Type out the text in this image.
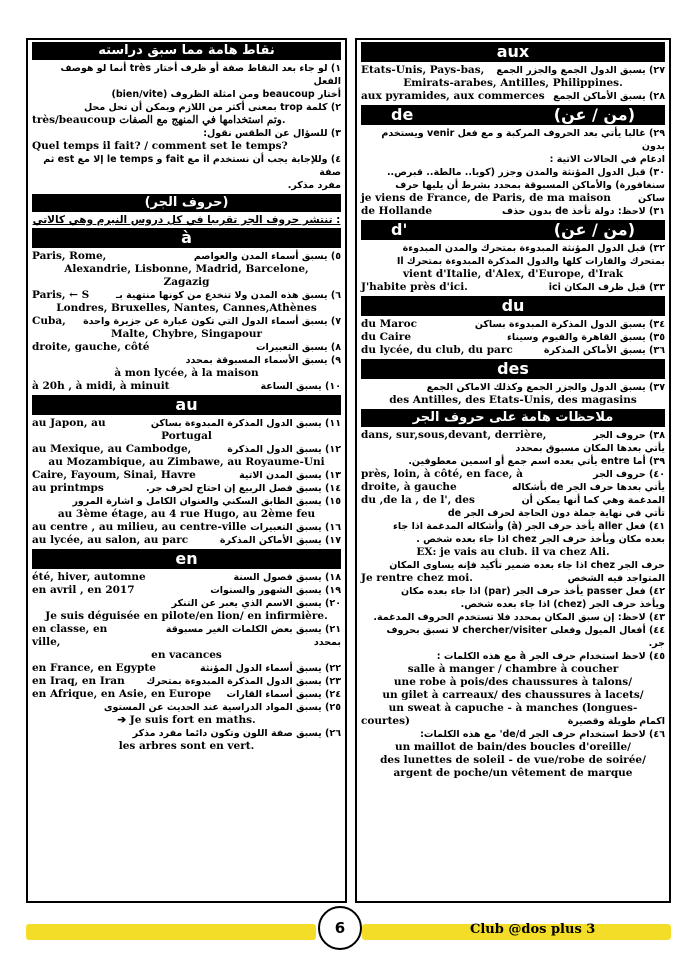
نقاط هامة مما سبق دراسته
١) لو جاء بعد النقاط صفة أو ظرف أختار très أنما لو هوصف الفعل
أختار beaucoup ومن امثلة الظروف (bien/vite)
٢) كلمة trop بمعنى أكثر من اللازم ويمكن أن تحل محل
très/beaucoup وتم استخدامها في المنهج مع الصفات.
٣) للسؤال عن الطقس نقول:
Quel temps il fait? / comment set le temps?
٤) وللإجابة يجب أن نستخدم il مع fait و le temps إلا مع est ثم صفة
مفرد مذكر.
(حروف الجر)
تنتشر حروف الجر تقريبا في كل دروس النيرم وهي كالاتي :
à
Paris, Rome,	٥) يسبق أسماء المدن والعواصم
Alexandrie, Lisbonne, Madrid, Barcelone,
Zagazig
Paris, ← S	٦) يسبق هذه المدن ولا تنخدع من كونها منتهية بـ
Londres, Bruxelles, Nantes, Cannes,Athènes
Cuba, ٧) يسبق أسماء الدول التي تكون عبارة عن جزيرة واحدة
Malte, Chybre, Singapour
droite, gauche, côté	٨) يسبق التعبيرات
٩) يسبق الأسماء المسبوقة بمحدد
à mon lycée, à la maison
à 20h , à midi, à minuit	١٠) يسبق الساعة
au
au Japon, au	١١) يسبق الدول المذكرة المبدوءة بساكن
Portugal
au Mexique, au Cambodge,	١٢) يسبق الدول المذكرة
au Mozambique, au Zimbawe, au Royaume-Uni
Caire, Fayoum, Sinai, Havre	١٣) يسبق المدن الاتية
au printmps	١٤) يسبق فصل الربيع إن احتاج لحرف جر.
١٥) يسبق الطابق السكني والعنوان الكامل و اشارة المرور
au 3ème étage, au 4 rue Hugo, au 2ème feu
au centre , au milieu, au centre-ville ١٦) يسبق التعبيرات
au lycée, au salon, au parc	١٧) يسبق الأماكن المذكرة
en
été, hiver, automne	١٨) يسبق فصول السنة
en avril , en 2017	١٩) يسبق الشهور والسنوات
٢٠) يسبق الاسم الذي يعبر عن التنكر
Je suis déguisée en pilote/en lion/ en infirmière.
en classe, en ville,
٢١) يسبق بعض الكلمات الغير مسبوقة بمحدد
en vacances
en France, en Egypte	٢٢) يسبق أسماء الدول المؤنثة
en Iraq, en Iran ٢٣) يسبق الدول المذكرة المبدوءة بمتحرك
en Afrique, en Asie, en Europe ٢٤) يسبق أسماء القارات
٢٥) يسبق المواد الدراسية عند الحديث عن المستوى
➔ Je suis fort en maths.
٢٦) يسبق صفة اللون وتكون دائما مفرد مذكر
les arbres sont en vert.
aux
Etats-Unis, Pays-bas, ٢٧) يسبق الدول الجمع والجزر الجمع
Emirats-arabes, Antilles, Philippines.
aux pyramides, aux commerces ٢٨) يسبق الأماكن الجمع
de	(من / عن)
٢٩) غالبا يأتي بعد الحروف المركبة و مع فعل venir ويستخدم بدون
ادغام في الحالات الاتية :
٣٠) قبل الدول المؤنثة والمدن وجزر (كوبا.. مالطة.. قبرص..
سنغافورة) والأماكن المسبوقة بمحدد بشرط أن يليها حرف
je viens de France, de Paris, de ma maison	ساكن
de Hollande	٣١) لاحظ: دولة تأخذ de بدون حذف
d'	(من / عن)
٣٢) قبل الدول المؤنثة المبدوءة بمتحرك والمدن المبدوءة
بمتحرك والقارات كلها والدول المذكرة المبدوءة بمتحرك Il
vient d'Italie, d'Alex, d'Europe, d'Irak
J'habite près d'ici.	٣٣) قبل ظرف المكان ici
du
du Maroc	٣٤) يسبق الدول المذكرة المبدوءة بساكن
du Caire	٣٥) يسبق القاهرة والفيوم وسيناء
du lycée, du club, du parc	٣٦) يسبق الأماكن المذكرة
des
٣٧) يسبق الدول والجزر الجمع وكذلك الاماكن الجمع
des Antilles, des Etats-Unis, des magasins
ملاحظات هامة على حروف الجر
dans, sur,sous,devant, derrière,	٣٨) حروف الجر
يأتي بعدها المكان مسبوق بمحدد
٣٩) أما entre يأتي بعده اسم جمع أو اسمين معطوفين.
près, loin, à côté, en face, à	٤٠) حروف الجر
droite, à gauche	يأتي بعدها حرف الجر de بأشكاله
du ,de la , de l', des	المدغمة وهي كما أنها يمكن أن
تأتي في نهاية جملة دون الحاجة لحرف الجر de
٤١) فعل aller يأخذ حرف الجر (à) وأشكاله المدغمة اذا جاء
بعده مكان ويأخذ حرف الجر chez اذا جاء بعده شخص .
EX: je vais au club. il va chez Ali.
حرف الجر chez اذا جاء بعده ضمير تأكيد فإنه يساوى المكان
Je rentre chez moi.	المتواجد فيه الشخص
٤٢) فعل passer يأخذ حرف الجر (par) اذا جاء بعده مكان
ويأخذ حرف الجر (chez) اذا جاء بعده شخص.
٤٣) لاحظ: إن سبق المكان بمحدد فلا تستخدم الحروف المدغمة.
٤٤) أفعال الميول وفعلى chercher/visiter لا تسبق بحروف
جر.
٤٥) لاحظ استخدام حرف الجر à مع هذه الكلمات :
salle à manger / chambre à coucher
une robe à pois/des chaussures à talons/
un gilet à carreaux/ des chaussures à lacets/
un sweat à capuche - à manches (longues-
courtes)	اكمام طويلة وقصيرة
٤٦) لاحظ استخدام حرف الجر de/d' مع هذه الكلمات:
un maillot de bain/des boucles d'oreille/
des lunettes de soleil - de vue/robe de soirée/
argent de poche/un vêtement de marque
6	Club @dos plus 3
